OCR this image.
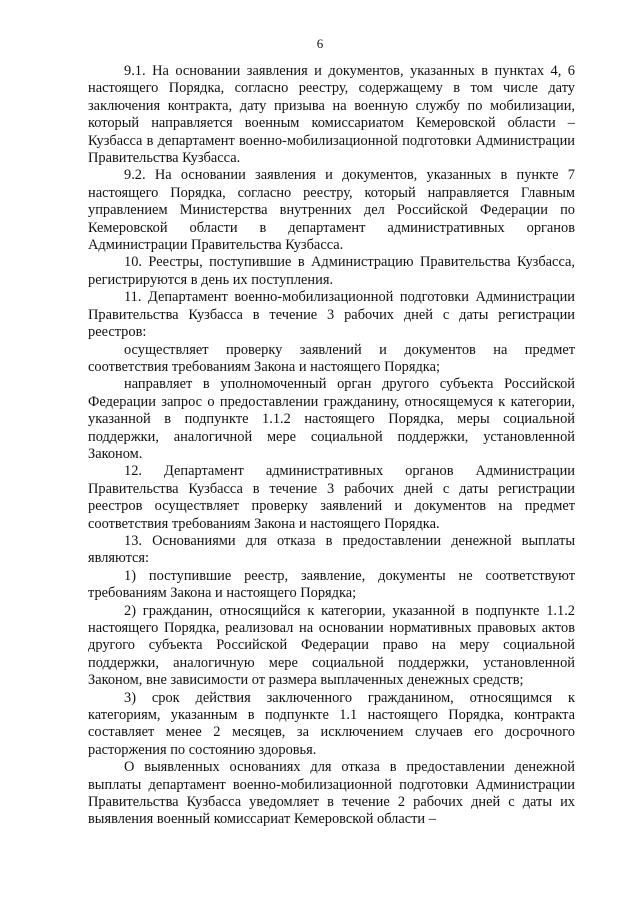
6

9.1. На основании заявления и документов, указанных в пунктах 4, 6 настоящего Порядка, согласно реестру, содержащему в том числе дату заключения контракта, дату призыва на военную службу по мобилизации, который направляется военным комиссариатом Кемеровской области – Кузбасса в департамент военно-мобилизационной подготовки Администрации Правительства Кузбасса.

9.2. На основании заявления и документов, указанных в пункте 7 настоящего Порядка, согласно реестру, который направляется Главным управлением Министерства внутренних дел Российской Федерации по Кемеровской области в департамент административных органов Администрации Правительства Кузбасса.

10. Реестры, поступившие в Администрацию Правительства Кузбасса, регистрируются в день их поступления.

11. Департамент военно-мобилизационной подготовки Администрации Правительства Кузбасса в течение 3 рабочих дней с даты регистрации реестров:

осуществляет проверку заявлений и документов на предмет соответствия требованиям Закона и настоящего Порядка;

направляет в уполномоченный орган другого субъекта Российской Федерации запрос о предоставлении гражданину, относящемуся к категории, указанной в подпункте 1.1.2 настоящего Порядка, меры социальной поддержки, аналогичной мере социальной поддержки, установленной Законом.

12. Департамент административных органов Администрации Правительства Кузбасса в течение 3 рабочих дней с даты регистрации реестров осуществляет проверку заявлений и документов на предмет соответствия требованиям Закона и настоящего Порядка.

13. Основаниями для отказа в предоставлении денежной выплаты являются:

1) поступившие реестр, заявление, документы не соответствуют требованиям Закона и настоящего Порядка;

2) гражданин, относящийся к категории, указанной в подпункте 1.1.2 настоящего Порядка, реализовал на основании нормативных правовых актов другого субъекта Российской Федерации право на меру социальной поддержки, аналогичную мере социальной поддержки, установленной Законом, вне зависимости от размера выплаченных денежных средств;

3) срок действия заключенного гражданином, относящимся к категориям, указанным в подпункте 1.1 настоящего Порядка, контракта составляет менее 2 месяцев, за исключением случаев его досрочного расторжения по состоянию здоровья.

О выявленных основаниях для отказа в предоставлении денежной выплаты департамент военно-мобилизационной подготовки Администрации Правительства Кузбасса уведомляет в течение 2 рабочих дней с даты их выявления военный комиссариат Кемеровской области –
